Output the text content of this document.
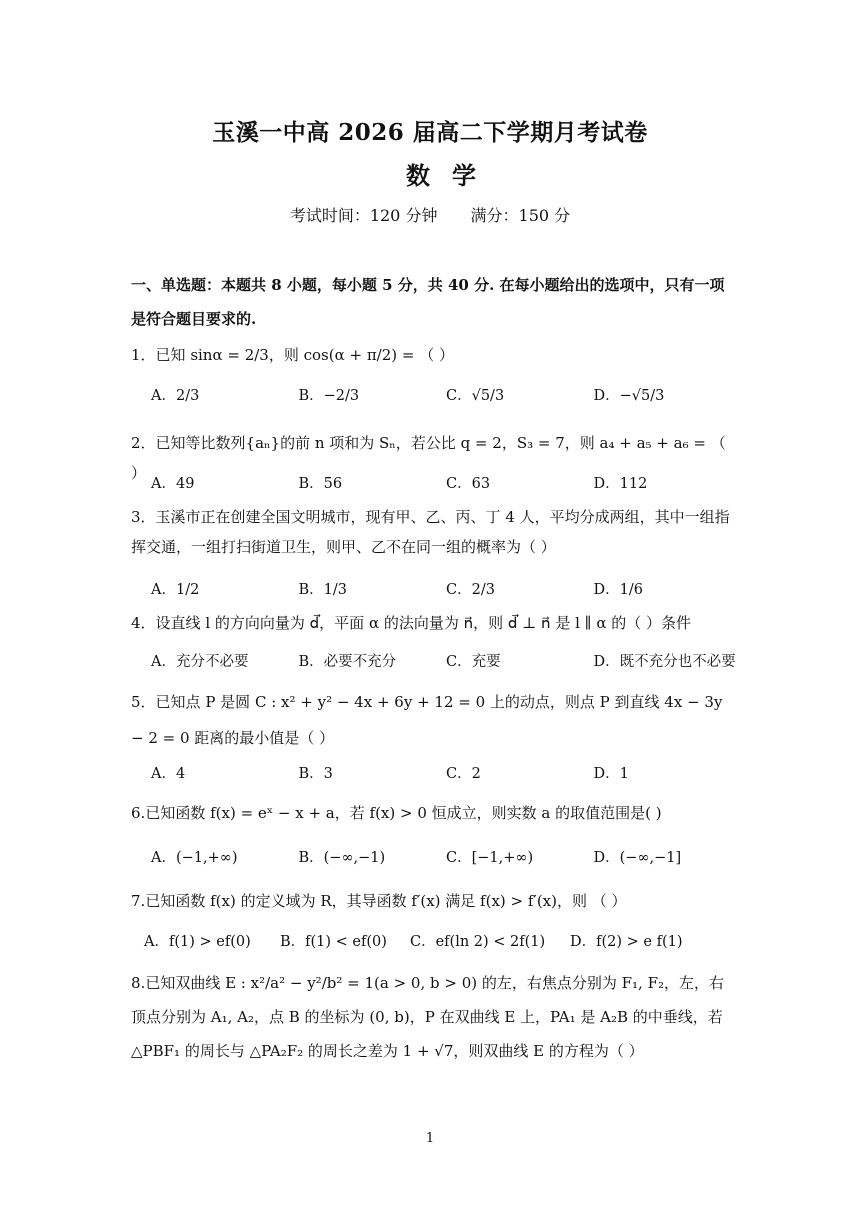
玉溪一中高 2026 届高二下学期月考试卷
数学
考试时间：120 分钟 满分：150 分
一、单选题：本题共 8 小题，每小题 5 分，共 40 分. 在每小题给出的选项中，只有一项是符合题目要求的.
1．已知 sinα = 2/3，则 cos(α + π/2) = （ ）
A．2/3	B．−2/3	C．√5/3	D．−√5/3
2．已知等比数列{aₙ}的前 n 项和为 Sₙ，若公比 q = 2，S₃ = 7，则 a₄ + a₅ + a₆ = （ ）
A．49	B．56	C．63	D．112
3．玉溪市正在创建全国文明城市，现有甲、乙、丙、丁 4 人，平均分成两组，其中一组指挥交通，一组打扫街道卫生，则甲、乙不在同一组的概率为（ ）
A．1/2	B．1/3	C．2/3	D．1/6
4．设直线 l 的方向向量为 d⃗，平面 α 的法向量为 n⃗，则 d⃗ ⊥ n⃗ 是 l ∥ α 的（ ）条件
A．充分不必要	B．必要不充分	C．充要	D．既不充分也不必要
5．已知点 P 是圆 C : x² + y² − 4x + 6y + 12 = 0 上的动点，则点 P 到直线 4x − 3y − 2 = 0 距离的最小值是（ ）
A．4	B．3	C．2	D．1
6.已知函数 f(x) = eˣ − x + a，若 f(x) > 0 恒成立，则实数 a 的取值范围是( )
A．(−1,+∞)	B．(−∞,−1)	C．[−1,+∞)	D．(−∞,−1]
7.已知函数 f(x) 的定义域为 R，其导函数 f′(x) 满足 f(x) > f′(x)，则 （ ）
A．f(1) > ef(0)	B．f(1) < ef(0)	C．ef(ln 2) < 2f(1)	D．f(2) > e f(1)
8.已知双曲线 E : x²/a² − y²/b² = 1(a > 0, b > 0) 的左，右焦点分别为 F₁, F₂，左，右顶点分别为 A₁, A₂，点 B 的坐标为 (0, b)，P 在双曲线 E 上，PA₁ 是 A₂B 的中垂线，若 △PBF₁ 的周长与 △PA₂F₂ 的周长之差为 1 + √7，则双曲线 E 的方程为（ ）
1
